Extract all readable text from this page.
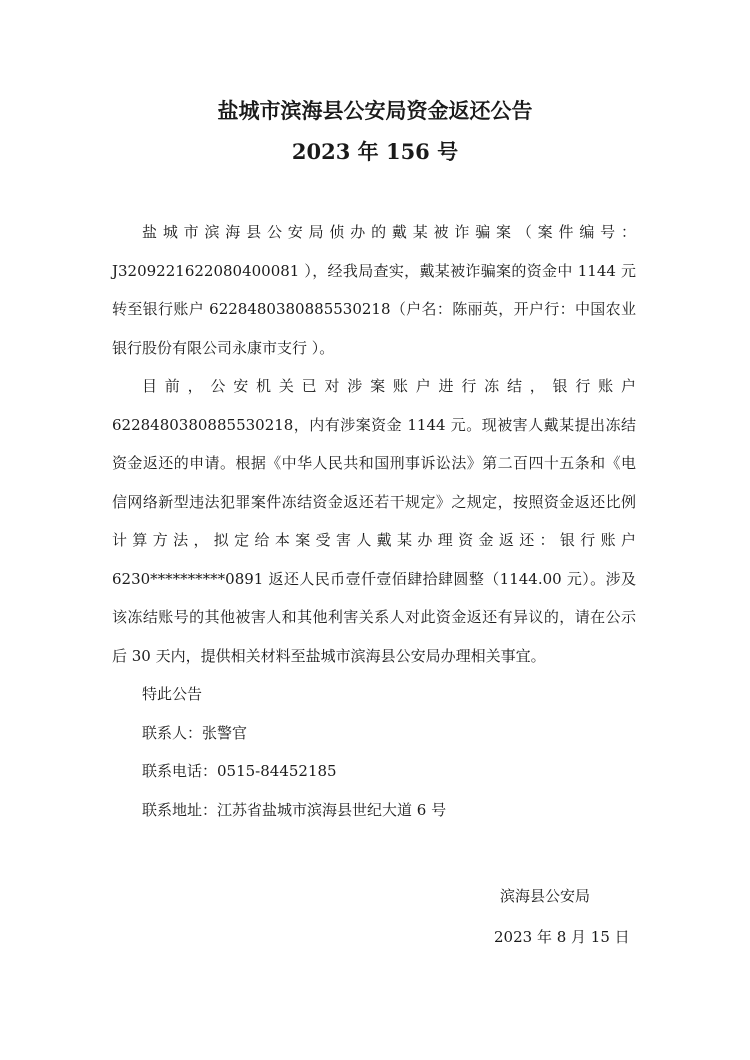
盐城市滨海县公安局资金返还公告
2023 年 156 号

盐城市滨海县公安局侦办的戴某被诈骗案（案件编号：J3209221622080400081 ），经我局查实，戴某被诈骗案的资金中 1144 元转至银行账户 6228480380885530218（户名：陈丽英，开户行：中国农业银行股份有限公司永康市支行 ）。

目前，公安机关已对涉案账户进行冻结，银行账户 6228480380885530218，内有涉案资金 1144 元。现被害人戴某提出冻结资金返还的申请。根据《中华人民共和国刑事诉讼法》第二百四十五条和《电信网络新型违法犯罪案件冻结资金返还若干规定》之规定，按照资金返还比例计算方法，拟定给本案受害人戴某办理资金返还：银行账户 6230**********0891 返还人民币壹仟壹佰肆拾肆圆整（1144.00 元）。涉及该冻结账号的其他被害人和其他利害关系人对此资金返还有异议的，请在公示后 30 天内，提供相关材料至盐城市滨海县公安局办理相关事宜。

特此公告

联系人：张警官

联系电话：0515-84452185

联系地址：江苏省盐城市滨海县世纪大道 6 号

滨海县公安局
2023 年 8 月 15 日
